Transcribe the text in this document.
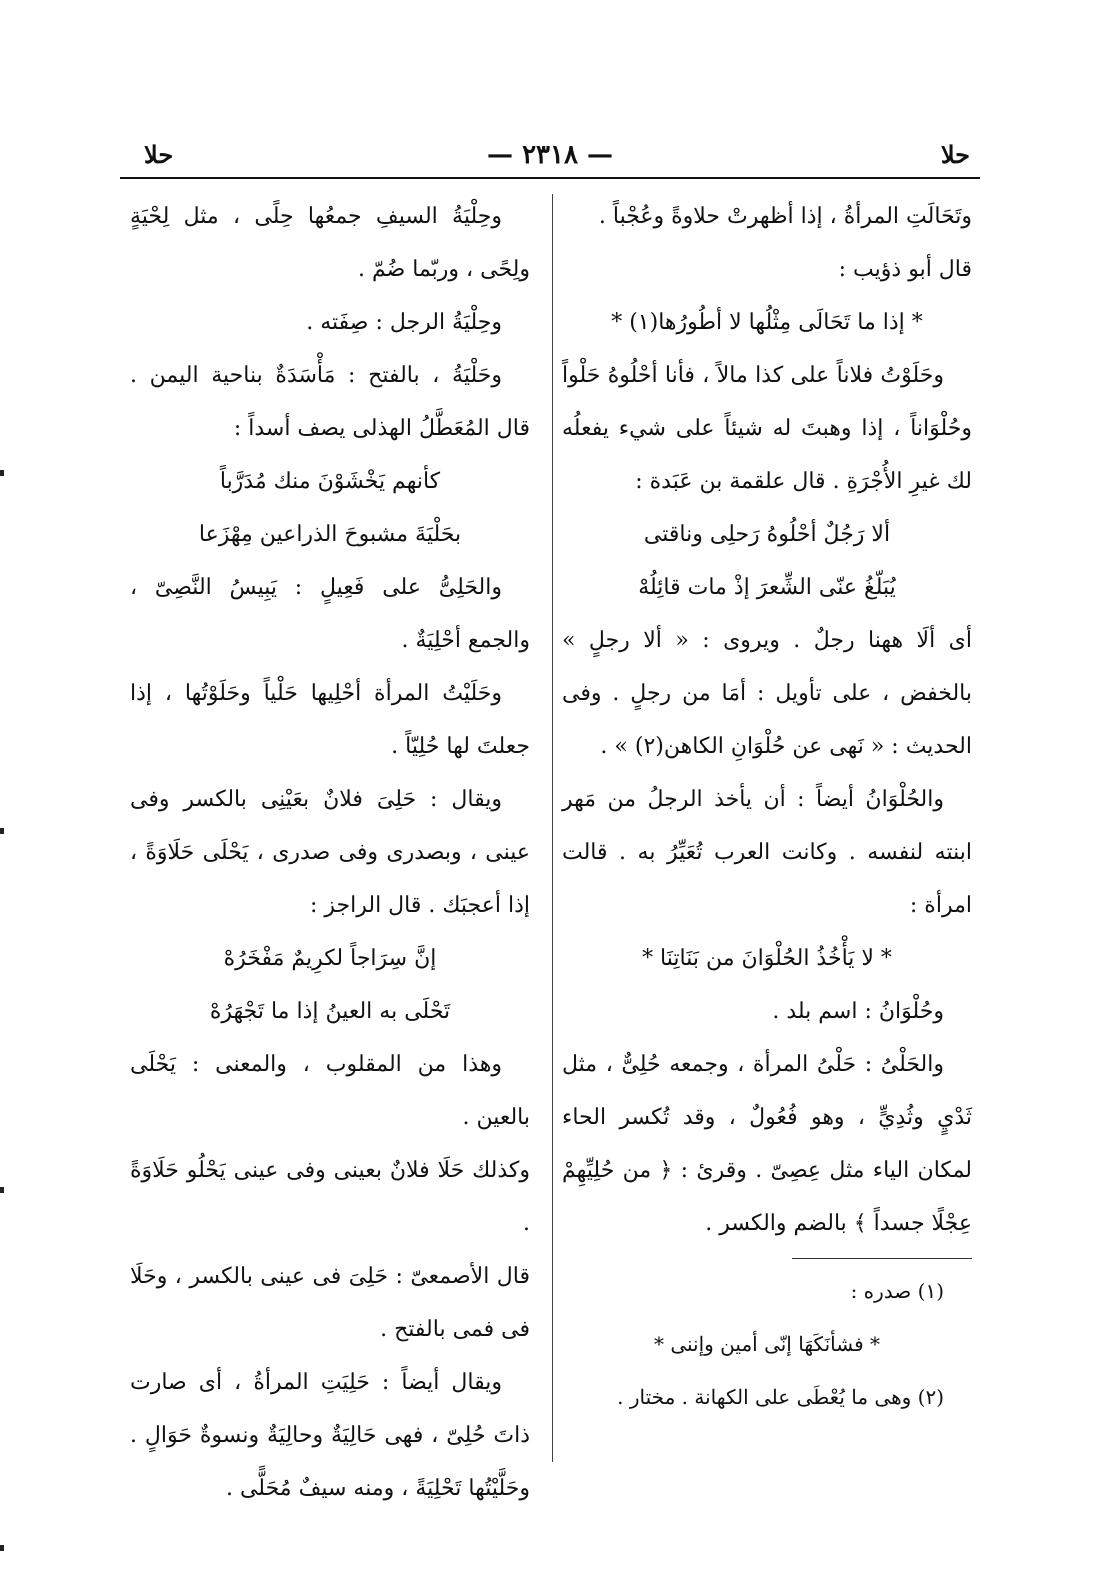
حلا
— ٢٣١٨ —
حلا

وتَحَالَتِ المرأةُ ، إذا أظهرتْ حلاوةً وعُجْباً .

قال أبو ذؤيب :

* إذا ما تَحَالَى مِثْلُها لا أطُورُها(١) *

وحَلَوْتُ فلاناً على كذا مالاً ، فأنا أحْلُوهُ حَلْواً وحُلْوَاناً ، إذا وهبتَ له شيئاً على شيء يفعلُه لك غيرِ الأُجْرَةِ . قال علقمة بن عَبَدة :

ألا رَجُلٌ أحْلُوهُ رَحلِى وناقتى

يُبَلّغُ عنّى الشِّعرَ إذْ مات قائِلُهْ

أى ألَا ههنا رجلٌ . ويروى : « ألا رجلٍ » بالخفض ، على تأويل : أمَا من رجلٍ . وفى الحديث : « نَهى عن حُلْوَانِ الكاهن(٢) » .

والحُلْوَانُ أيضاً : أن يأخذ الرجلُ من مَهر ابنته لنفسه . وكانت العرب تُعَيِّرُ به . قالت امرأة :

* لا يَأْخُذُ الحُلْوَانَ من بَنَاتِنَا *

وحُلْوَانُ : اسم بلد .

والحَلْىُ : حَلْىُ المرأة ، وجمعه حُلِىٌّ ، مثل ثَدْيٍ وثُدِيٍّ ، وهو فُعُولٌ ، وقد تُكسر الحاء لمكان الياء مثل عِصِىّ . وقرئ : ﴿ من حُلِيِّهِمْ عِجْلًا جسداً ﴾ بالضم والكسر .

(١) صدره :

* فشأنَكَهَا إنّى أمين وإننى *

(٢) وهى ما يُعْطَى على الكهانة . مختار .

وحِلْيَةُ السيفِ جمعُها حِلًى ، مثل لِحْيَةٍ ولِحًى ، وربّما ضُمّ .

وحِلْيَةُ الرجل : صِفَته .

وحَلْيَةُ ، بالفتح : مَأْسَدَةٌ بناحية اليمن . قال المُعَطَّلُ الهذلى يصف أسداً :

كأنهم يَخْشَوْنَ منك مُدَرَّباً

بحَلْيَةَ مشبوحَ الذراعين مِهْزَعا

والحَلِىُّ على فَعِيلٍ : يَبِيسُ النَّصِىّ ، والجمع أحْلِيَةٌ .

وحَلَيْتُ المرأة أحْلِيها حَلْياً وحَلَوْتُها ، إذا جعلتَ لها حُلِيّاً .

ويقال : حَلِىَ فلانٌ بعَيْنِى بالكسر وفى عينى ، وبصدرى وفى صدرى ، يَحْلَى حَلَاوَةً ، إذا أعجبَك . قال الراجز :

إنَّ سِرَاجاً لكرِيمٌ مَفْخَرُهْ

تَحْلَى به العينُ إذا ما تَجْهَرُهْ

وهذا من المقلوب ، والمعنى : يَحْلَى بالعين .

وكذلك حَلَا فلانٌ بعينى وفى عينى يَحْلُو حَلَاوَةً .

قال الأصمعىّ : حَلِىَ فى عينى بالكسر ، وحَلَا فى فمى بالفتح .

ويقال أيضاً : حَلِيَتِ المرأةُ ، أى صارت ذاتَ حُلِىّ ، فهى حَالِيَةٌ وحالِيَةٌ ونسوةٌ حَوَالٍ . وحَلَّيْتُها تَحْلِيَةً ، ومنه سيفٌ مُحَلًّى .
